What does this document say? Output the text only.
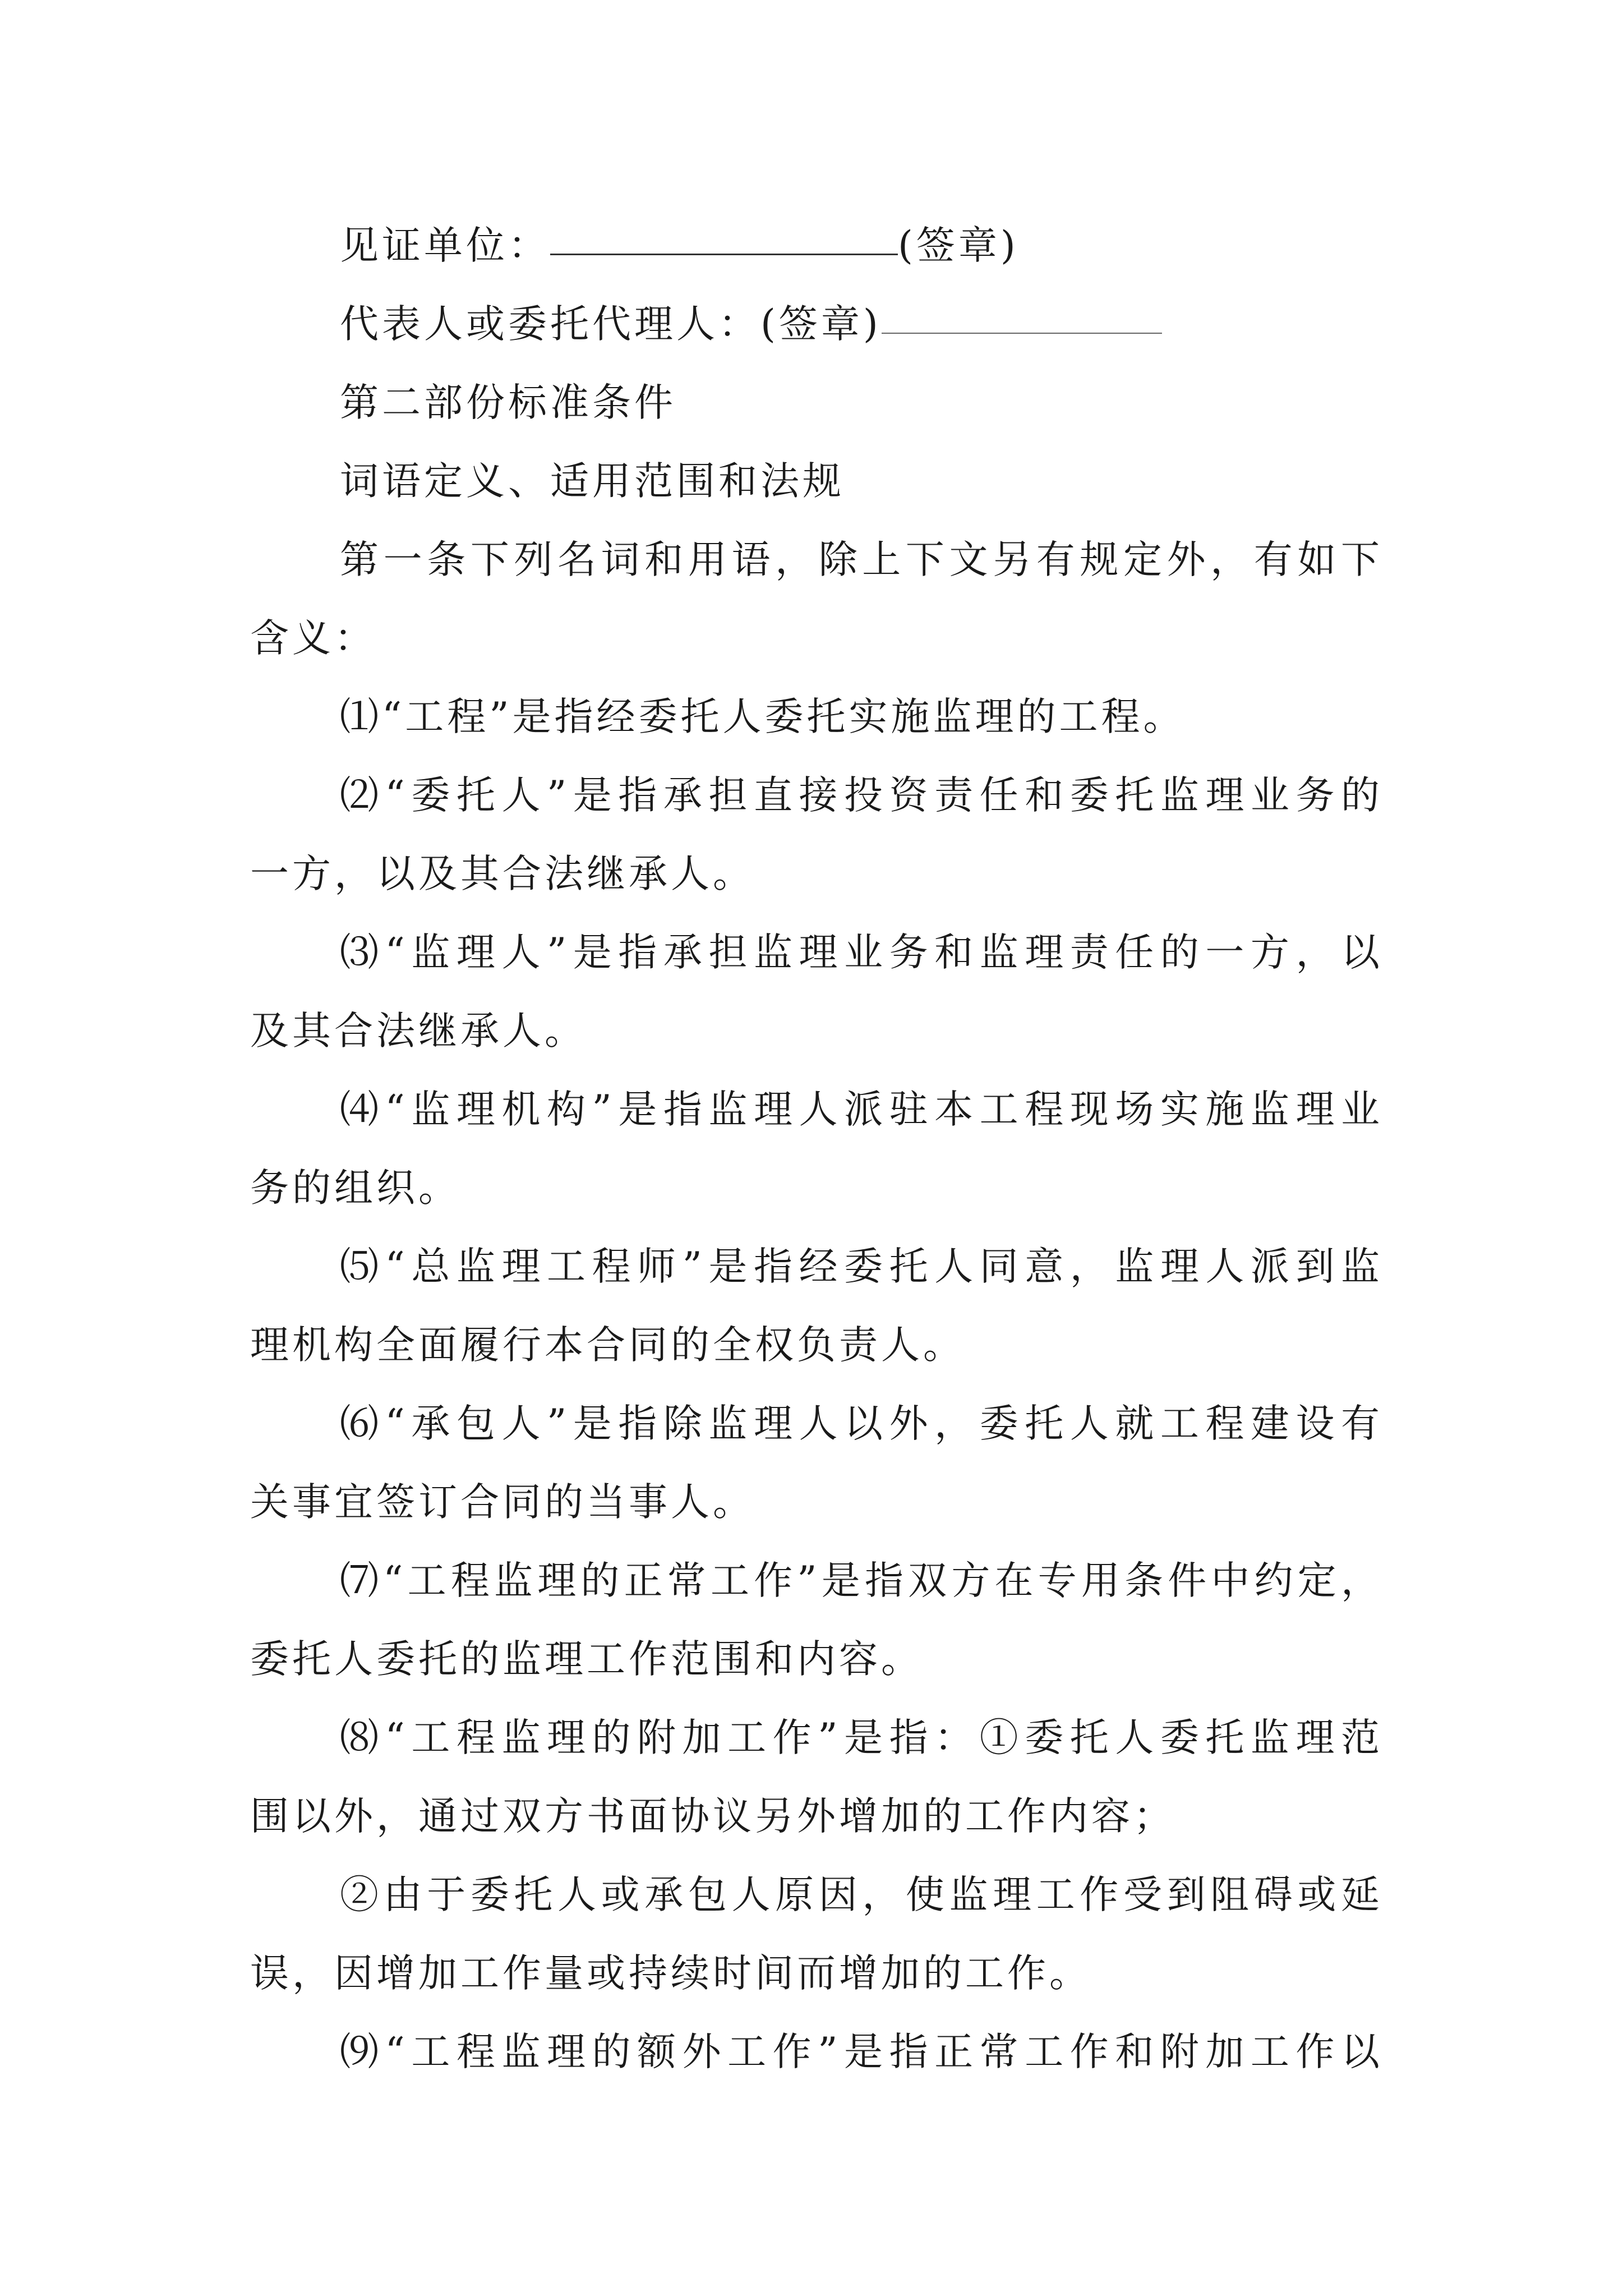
见证单位：	(签章)
代表人或委托代理人：(签章)
第二部份标准条件
词语定义、适用范围和法规
第一条下列名词和用语，除上下文另有规定外，有如下
含义：
⑴“工程”是指经委托人委托实施监理的工程。
⑵“委托人”是指承担直接投资责任和委托监理业务的
一方，以及其合法继承人。
⑶“监理人”是指承担监理业务和监理责任的一方，以
及其合法继承人。
⑷“监理机构”是指监理人派驻本工程现场实施监理业
务的组织。
⑸“总监理工程师”是指经委托人同意，监理人派到监
理机构全面履行本合同的全权负责人。
⑹“承包人”是指除监理人以外，委托人就工程建设有
关事宜签订合同的当事人。
⑺“工程监理的正常工作”是指双方在专用条件中约定，
委托人委托的监理工作范围和内容。
⑻“工程监理的附加工作”是指：①委托人委托监理范
围以外，通过双方书面协议另外增加的工作内容；
②由于委托人或承包人原因，使监理工作受到阻碍或延
误，因增加工作量或持续时间而增加的工作。
⑼“工程监理的额外工作”是指正常工作和附加工作以
